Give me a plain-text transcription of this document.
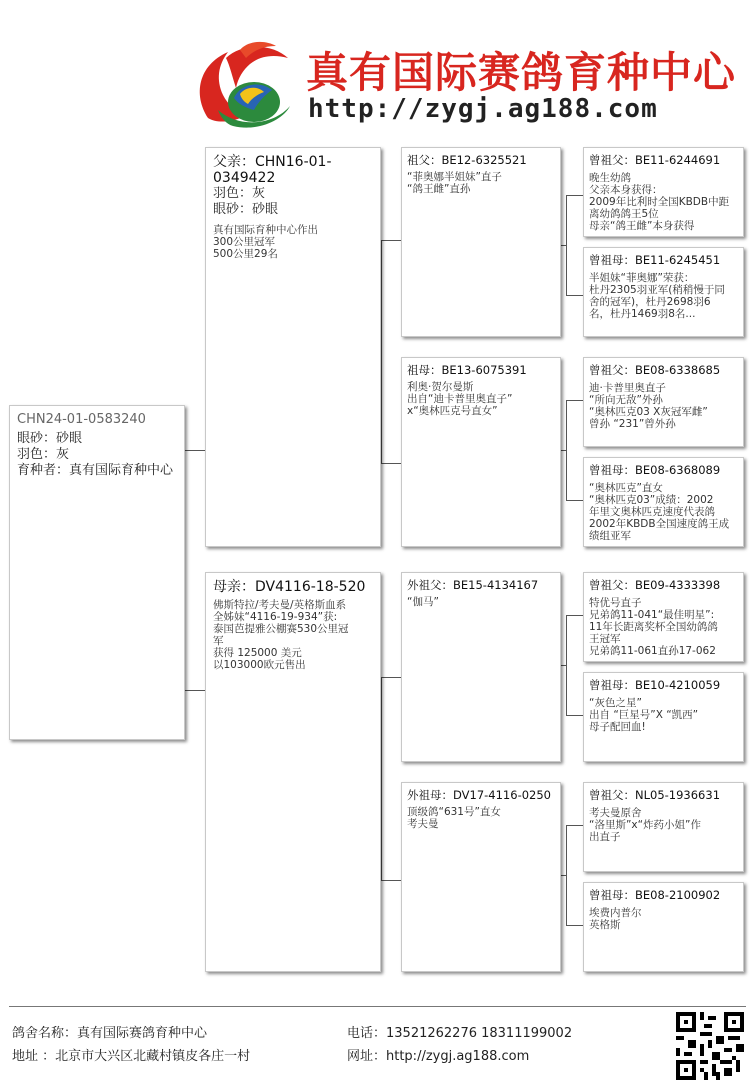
真有国际赛鸽育种中心
http://zygj.ag188.com
CHN24-01-0583240
眼砂：砂眼
羽色：灰
育种者：真有国际育种中心
父亲：CHN16-01-0349422
羽色：灰
眼砂：砂眼
真有国际育种中心作出
300公里冠军
500公里29名
母亲：DV4116-18-520
佛斯特拉/考夫曼/英格斯血系
全姊妹“4116-19-934”获:
泰国芭提雅公棚赛530公里冠
军
获得 125000 美元
以103000欧元售出
祖父：BE12-6325521
“菲奥娜半姐妹”直子
“鸽王雌”直孙
祖母：BE13-6075391
利奥·贺尔曼斯
出自“迪卡普里奥直子”
x“奥林匹克号直女”
外祖父：BE15-4134167
“伽马”
外祖母：DV17-4116-0250
顶级鸽“631号”直女
考夫曼
曾祖父：BE11-6244691
晚生幼鸽
父亲本身获得：
2009年比利时全国KBDB中距
离幼鸽鸽王5位
母亲“鸽王雌”本身获得
曾祖母：BE11-6245451
半姐妹“菲奥娜”荣获：
杜丹2305羽亚军(稍稍慢于同
舍的冠军)，杜丹2698羽6
名，杜丹1469羽8名...
曾祖父：BE08-6338685
迪·卡普里奥直子
“所向无敌”外孙
“奥林匹克03 X灰冠军雌”
曾孙 “231”曾外孙
曾祖母：BE08-6368089
“奥林匹克”直女
“奥林匹克03”成绩：2002
年里文奥林匹克速度代表鸽
2002年KBDB全国速度鸽王成
绩组亚军
曾祖父：BE09-4333398
特优号直子
兄弟鸽11-041“最佳明星”:
11年长距离奖杯全国幼鸽鸽
王冠军
兄弟鸽11-061直孙17-062
曾祖母：BE10-4210059
“灰色之星”
出自 “巨星号”X “凯西”
母子配回血!
曾祖父：NL05-1936631
考夫曼原舍
“洛里斯”x“炸药小姐”作
出直子
曾祖母：BE08-2100902
埃费内普尔
英格斯
鸽舍名称：真有国际赛鸽育种中心
地址 ：北京市大兴区北藏村镇皮各庄一村
电话：13521262276 18311199002
网址：http://zygj.ag188.com
